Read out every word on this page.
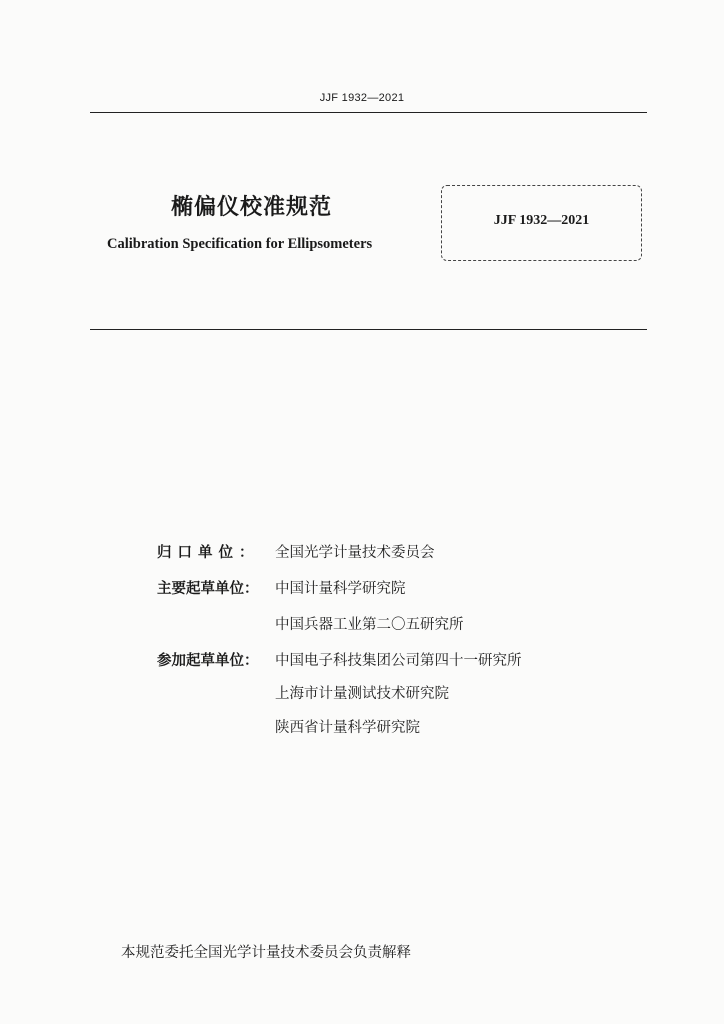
JJF 1932—2021
椭偏仪校准规范
Calibration Specification for Ellipsometers
JJF 1932—2021
归口单位： 全国光学计量技术委员会
主要起草单位： 中国计量科学研究院
中国兵器工业第二〇五研究所
参加起草单位： 中国电子科技集团公司第四十一研究所
上海市计量测试技术研究院
陕西省计量科学研究院
本规范委托全国光学计量技术委员会负责解释
